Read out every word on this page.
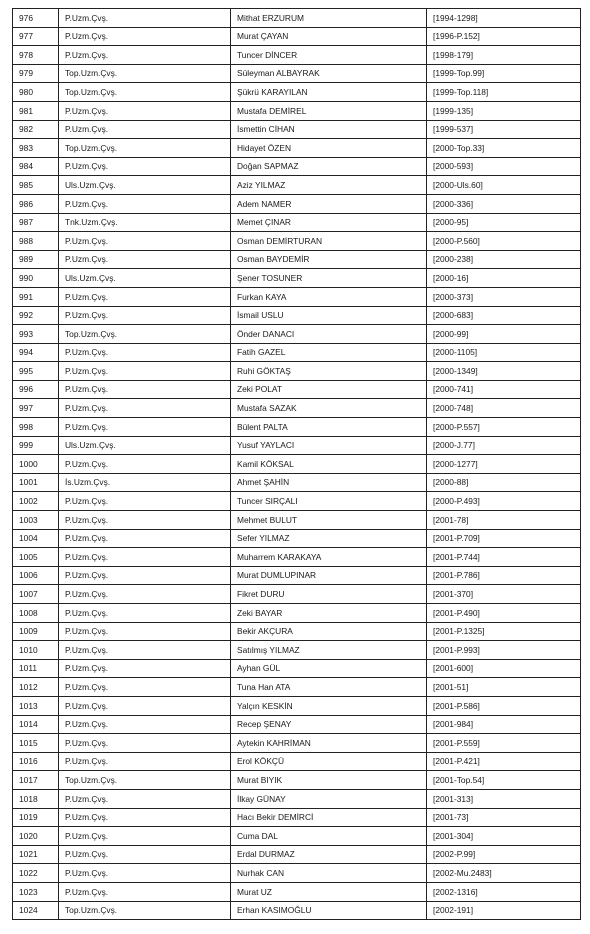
976	P.Uzm.Çvş.	Mithat ERZURUM	[1994-1298]
977	P.Uzm.Çvş.	Murat ÇAYAN	[1996-P.152]
978	P.Uzm.Çvş.	Tuncer DİNCER	[1998-179]
979	Top.Uzm.Çvş.	Süleyman ALBAYRAK	[1999-Top.99]
980	Top.Uzm.Çvş.	Şükrü KARAYILAN	[1999-Top.118]
981	P.Uzm.Çvş.	Mustafa DEMİREL	[1999-135]
982	P.Uzm.Çvş.	İsmettin CİHAN	[1999-537]
983	Top.Uzm.Çvş.	Hidayet ÖZEN	[2000-Top.33]
984	P.Uzm.Çvş.	Doğan SAPMAZ	[2000-593]
985	Uls.Uzm.Çvş.	Aziz YILMAZ	[2000-Uls.60]
986	P.Uzm.Çvş.	Adem NAMER	[2000-336]
987	Tnk.Uzm.Çvş.	Memet ÇINAR	[2000-95]
988	P.Uzm.Çvş.	Osman DEMİRTURAN	[2000-P.560]
989	P.Uzm.Çvş.	Osman BAYDEMİR	[2000-238]
990	Uls.Uzm.Çvş.	Şener TOSUNER	[2000-16]
991	P.Uzm.Çvş.	Furkan KAYA	[2000-373]
992	P.Uzm.Çvş.	İsmail USLU	[2000-683]
993	Top.Uzm.Çvş.	Önder DANACI	[2000-99]
994	P.Uzm.Çvş.	Fatih GAZEL	[2000-1105]
995	P.Uzm.Çvş.	Ruhi GÖKTAŞ	[2000-1349]
996	P.Uzm.Çvş.	Zeki POLAT	[2000-741]
997	P.Uzm.Çvş.	Mustafa SAZAK	[2000-748]
998	P.Uzm.Çvş.	Bülent PALTA	[2000-P.557]
999	Uls.Uzm.Çvş.	Yusuf YAYLACI	[2000-J.77]
1000	P.Uzm.Çvş.	Kamil KÖKSAL	[2000-1277]
1001	İs.Uzm.Çvş.	Ahmet ŞAHİN	[2000-88]
1002	P.Uzm.Çvş.	Tuncer SIRÇALI	[2000-P.493]
1003	P.Uzm.Çvş.	Mehmet BULUT	[2001-78]
1004	P.Uzm.Çvş.	Sefer YILMAZ	[2001-P.709]
1005	P.Uzm.Çvş.	Muharrem KARAKAYA	[2001-P.744]
1006	P.Uzm.Çvş.	Murat DUMLUPINAR	[2001-P.786]
1007	P.Uzm.Çvş.	Fikret DURU	[2001-370]
1008	P.Uzm.Çvş.	Zeki BAYAR	[2001-P.490]
1009	P.Uzm.Çvş.	Bekir AKÇURA	[2001-P.1325]
1010	P.Uzm.Çvş.	Satılmış YILMAZ	[2001-P.993]
1011	P.Uzm.Çvş.	Ayhan GÜL	[2001-600]
1012	P.Uzm.Çvş.	Tuna Han ATA	[2001-51]
1013	P.Uzm.Çvş.	Yalçın KESKİN	[2001-P.586]
1014	P.Uzm.Çvş.	Recep ŞENAY	[2001-984]
1015	P.Uzm.Çvş.	Aytekin KAHRİMAN	[2001-P.559]
1016	P.Uzm.Çvş.	Erol KÖKÇÜ	[2001-P.421]
1017	Top.Uzm.Çvş.	Murat BIYIK	[2001-Top.54]
1018	P.Uzm.Çvş.	İlkay GÜNAY	[2001-313]
1019	P.Uzm.Çvş.	Hacı Bekir DEMİRCİ	[2001-73]
1020	P.Uzm.Çvş.	Cuma DAL	[2001-304]
1021	P.Uzm.Çvş.	Erdal DURMAZ	[2002-P.99]
1022	P.Uzm.Çvş.	Nurhak CAN	[2002-Mu.2483]
1023	P.Uzm.Çvş.	Murat UZ	[2002-1316]
1024	Top.Uzm.Çvş.	Erhan KASIMOĞLU	[2002-191]
